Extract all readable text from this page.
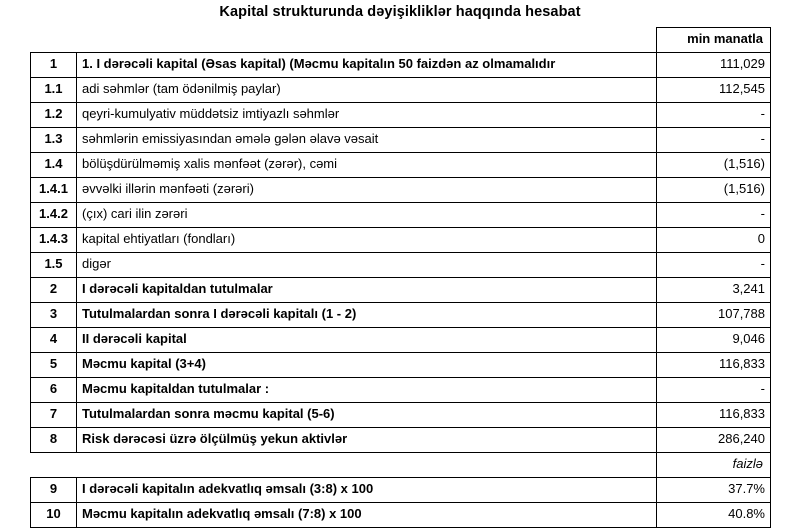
Kapital strukturunda dəyişikliklər haqqında hesabat
		min manatla
1	1. I dərəcəli kapital (Əsas kapital) (Məcmu kapitalın 50 faizdən az olmamalıdır	111,029
1.1	adi səhmlər (tam ödənilmiş paylar)	112,545
1.2	qeyri-kumulyativ müddətsiz imtiyazlı səhmlər	-
1.3	səhmlərin emissiyasından əmələ gələn əlavə vəsait	-
1.4	bölüşdürülməmiş xalis mənfəət (zərər), cəmi	(1,516)
1.4.1	əvvəlki illərin mənfəəti (zərəri)	(1,516)
1.4.2	(çıx) cari ilin zərəri	-
1.4.3	kapital ehtiyatları (fondları)	0
1.5	digər	-
2	I dərəcəli kapitaldan tutulmalar	3,241
3	Tutulmalardan sonra I dərəcəli kapitalı (1 - 2)	107,788
4	II dərəcəli kapital	9,046
5	Məcmu kapital (3+4)	116,833
6	Məcmu kapitaldan tutulmalar :	-
7	Tutulmalardan sonra məcmu kapital (5-6)	116,833
8	Risk dərəcəsi üzrə ölçülmüş yekun aktivlər	286,240
		faizlə
9	I dərəcəli kapitalın adekvatlıq əmsalı (3:8) x 100	37.7%
10	Məcmu kapitalın adekvatlıq əmsalı (7:8) x 100	40.8%
